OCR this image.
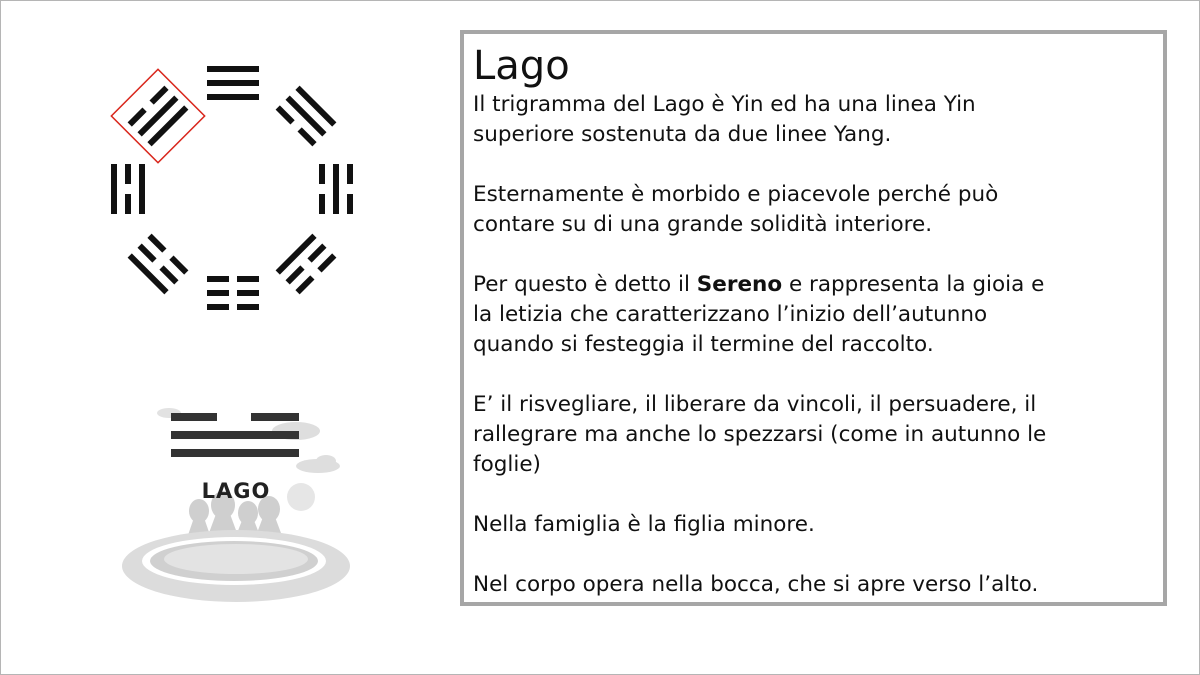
LAGO
Lago

Il trigramma del Lago è Yin ed ha una linea Yin
superiore sostenuta da due linee Yang.

Esternamente è morbido e piacevole perché può
contare su di una grande solidità interiore.

Per questo è detto il Sereno e rappresenta la gioia e
la letizia che caratterizzano l’inizio dell’autunno
quando si festeggia il termine del raccolto.

E’ il risvegliare, il liberare da vincoli, il persuadere, il
rallegrare ma anche lo spezzarsi (come in autunno le
foglie)

Nella famiglia è la figlia minore.

Nel corpo opera nella bocca, che si apre verso l’alto.
